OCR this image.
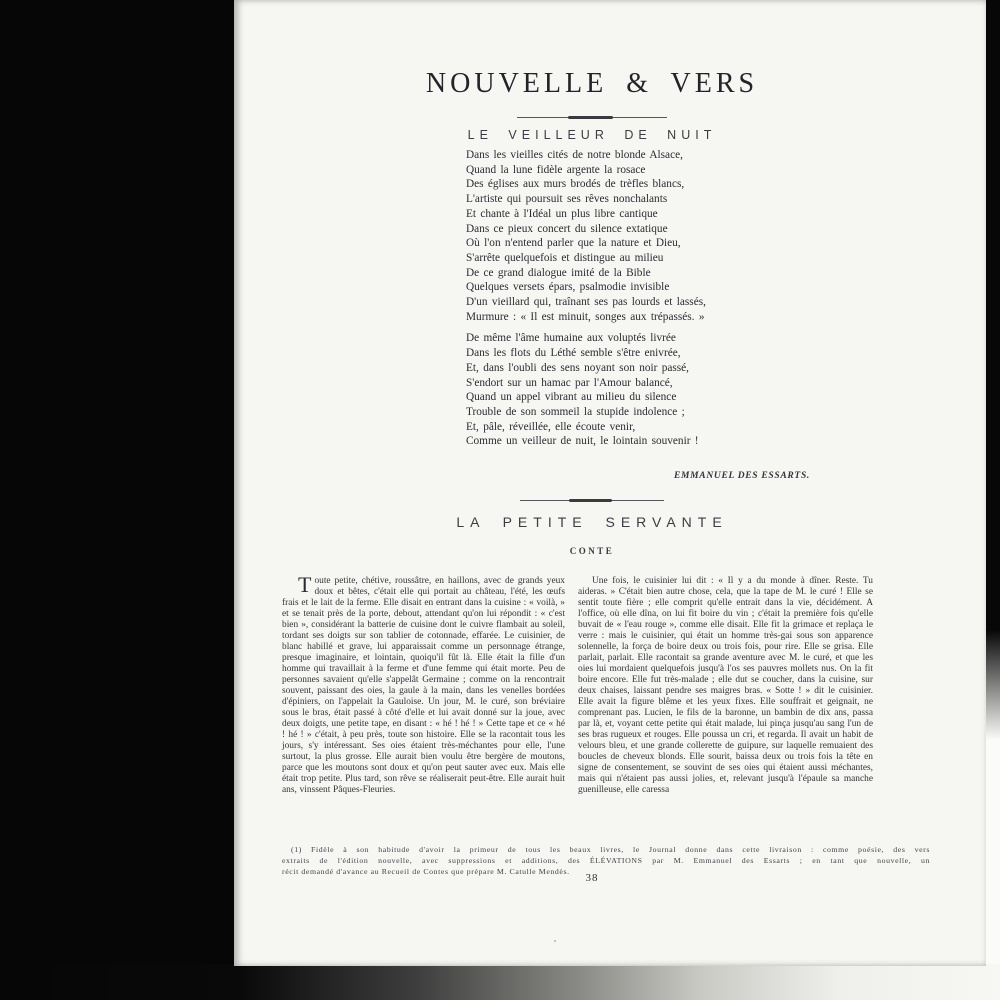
NOUVELLE & VERS
LE VEILLEUR DE NUIT
Dans les vieilles cités de notre blonde Alsace,
Quand la lune fidèle argente la rosace
Des églises aux murs brodés de trèfles blancs,
L'artiste qui poursuit ses rêves nonchalants
Et chante à l'Idéal un plus libre cantique
Dans ce pieux concert du silence extatique
Où l'on n'entend parler que la nature et Dieu,
S'arrête quelquefois et distingue au milieu
De ce grand dialogue imité de la Bible
Quelques versets épars, psalmodie invisible
D'un vieillard qui, traînant ses pas lourds et lassés,
Murmure : « Il est minuit, songes aux trépassés. »
De même l'âme humaine aux voluptés livrée
Dans les flots du Léthé semble s'être enivrée,
Et, dans l'oubli des sens noyant son noir passé,
S'endort sur un hamac par l'Amour balancé,
Quand un appel vibrant au milieu du silence
Trouble de son sommeil la stupide indolence ;
Et, pâle, réveillée, elle écoute venir,
Comme un veilleur de nuit, le lointain souvenir !
EMMANUEL DES ESSARTS.
LA PETITE SERVANTE
CONTE
Toute petite, chétive, roussâtre, en haillons, avec de grands yeux doux et bêtes, c'était elle qui portait au château, l'été, les œufs frais et le lait de la ferme. Elle disait en entrant dans la cuisine : « voilà, » et se tenait près de la porte, debout, attendant qu'on lui répondit : « c'est bien », considérant la batterie de cuisine dont le cuivre flambait au soleil, tordant ses doigts sur son tablier de cotonnade, effarée. Le cuisinier, de blanc habillé et grave, lui apparaissait comme un personnage étrange, presque imaginaire, et lointain, quoiqu'il fût là. Elle était la fille d'un homme qui travaillait à la ferme et d'une femme qui était morte. Peu de personnes savaient qu'elle s'appelât Germaine ; comme on la rencontrait souvent, paissant des oies, la gaule à la main, dans les venelles bordées d'épiniers, on l'appelait la Gauloise. Un jour, M. le curé, son bréviaire sous le bras, était passé à côté d'elle et lui avait donné sur la joue, avec deux doigts, une petite tape, en disant : « hé ! hé ! » Cette tape et ce « hé ! hé ! » c'était, à peu près, toute son histoire. Elle se la racontait tous les jours, s'y intéressant. Ses oies étaient très-méchantes pour elle, l'une surtout, la plus grosse. Elle aurait bien voulu être bergère de moutons, parce que les moutons sont doux et qu'on peut sauter avec eux. Mais elle était trop petite. Plus tard, son rêve se réaliserait peut-être. Elle aurait huit ans, vinssent Pâques-Fleuries.

Une fois, le cuisinier lui dit : « Il y a du monde à dîner. Reste. Tu aideras. » C'était bien autre chose, cela, que la tape de M. le curé ! Elle se sentit toute fière ; elle comprit qu'elle entrait dans la vie, décidément. A l'office, où elle dîna, on lui fit boire du vin ; c'était la première fois qu'elle buvait de « l'eau rouge », comme elle disait. Elle fit la grimace et replaça le verre : mais le cuisinier, qui était un homme très-gai sous son apparence solennelle, la força de boire deux ou trois fois, pour rire. Elle se grisa. Elle parlait, parlait. Elle racontait sa grande aventure avec M. le curé, et que les oies lui mordaient quelquefois jusqu'à l'os ses pauvres mollets nus. On la fit boire encore. Elle fut très-malade ; elle dut se coucher, dans la cuisine, sur deux chaises, laissant pendre ses maigres bras. « Sotte ! » dit le cuisinier. Elle avait la figure blême et les yeux fixes. Elle souffrait et geignait, ne comprenant pas. Lucien, le fils de la baronne, un bambin de dix ans, passa par là, et, voyant cette petite qui était malade, lui pinça jusqu'au sang l'un de ses bras rugueux et rouges. Elle poussa un cri, et regarda. Il avait un habit de velours bleu, et une grande collerette de guipure, sur laquelle remuaient des boucles de cheveux blonds. Elle sourit, baissa deux ou trois fois la tête en signe de consentement, se souvint de ses oies qui étaient aussi méchantes, mais qui n'étaient pas aussi jolies, et, relevant jusqu'à l'épaule sa manche guenilleuse, elle caressa

(1) Fidèle à son habitude d'avoir la primeur de tous les beaux livres, le Journal donne dans cette livraison : comme poésie, des vers
extraits de l'édition nouvelle, avec suppressions et additions, des ÉLÉVATIONS par M. Emmanuel des Essarts ; en tant que nouvelle, un
récit demandé d'avance au Recueil de Contes que prépare M. Catulle Mendès.
38
